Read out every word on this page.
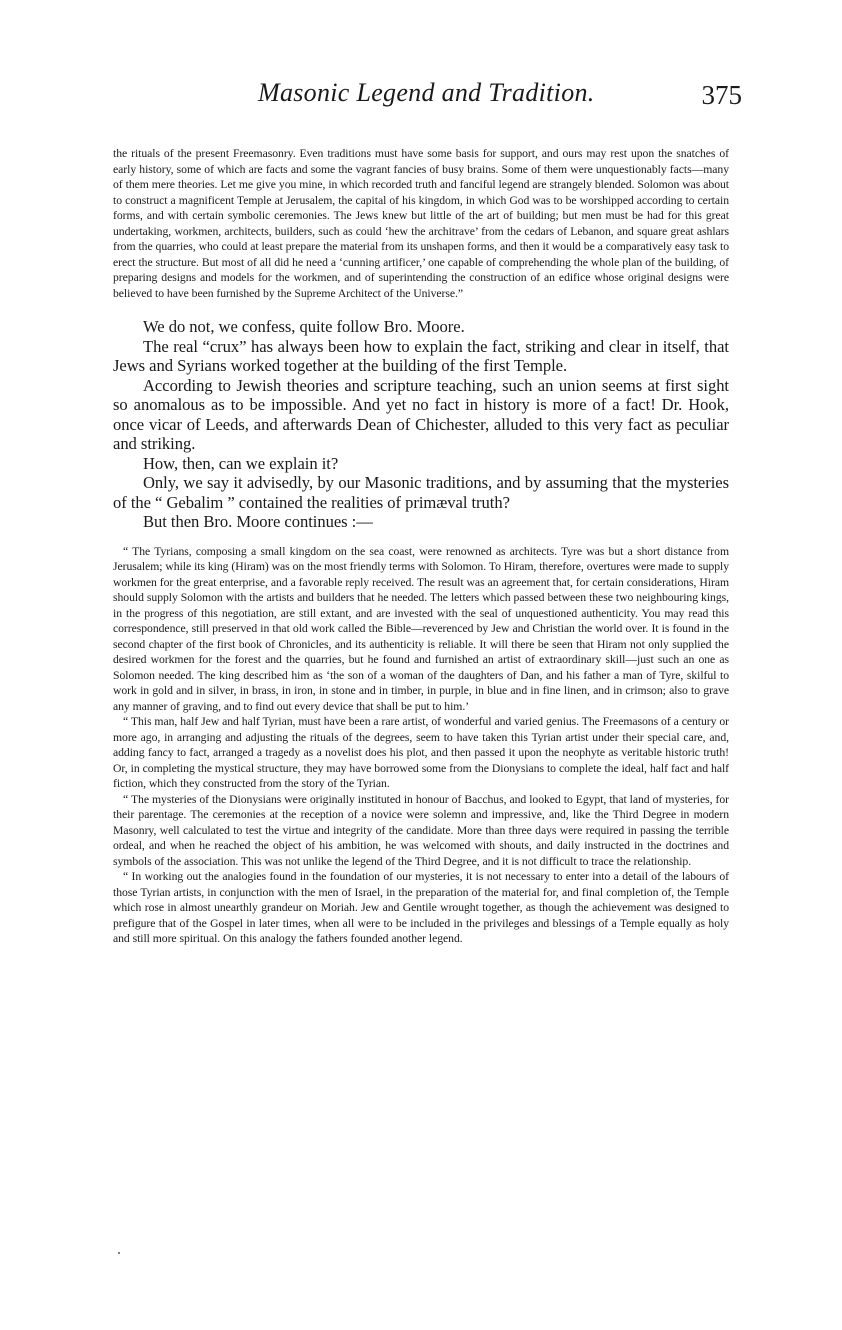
Masonic Legend and Tradition.	375

the rituals of the present Freemasonry. Even traditions must have some basis for support, and ours may rest upon the snatches of early history, some of which are facts and some the vagrant fancies of busy brains. Some of them were unquestionably facts—many of them mere theories. Let me give you mine, in which recorded truth and fanciful legend are strangely blended. Solomon was about to construct a magnificent Temple at Jerusalem, the capital of his kingdom, in which God was to be worshipped according to certain forms, and with certain symbolic ceremonies. The Jews knew but little of the art of building; but men must be had for this great undertaking, workmen, architects, builders, such as could ‘hew the architrave’ from the cedars of Lebanon, and square great ashlars from the quarries, who could at least prepare the material from its unshapen forms, and then it would be a comparatively easy task to erect the structure. But most of all did he need a ‘cunning artificer,’ one capable of comprehending the whole plan of the building, of preparing designs and models for the workmen, and of superintending the construction of an edifice whose original designs were believed to have been furnished by the Supreme Architect of the Universe.”

We do not, we confess, quite follow Bro. Moore.

The real “crux” has always been how to explain the fact, striking and clear in itself, that Jews and Syrians worked together at the building of the first Temple.

According to Jewish theories and scripture teaching, such an union seems at first sight so anomalous as to be impossible. And yet no fact in history is more of a fact! Dr. Hook, once vicar of Leeds, and afterwards Dean of Chichester, alluded to this very fact as peculiar and striking.

How, then, can we explain it?

Only, we say it advisedly, by our Masonic traditions, and by assuming that the mysteries of the “ Gebalim ” contained the realities of primæval truth?

But then Bro. Moore continues :—

“ The Tyrians, composing a small kingdom on the sea coast, were renowned as architects. Tyre was but a short distance from Jerusalem; while its king (Hiram) was on the most friendly terms with Solomon. To Hiram, therefore, overtures were made to supply workmen for the great enterprise, and a favorable reply received. The result was an agreement that, for certain considerations, Hiram should supply Solomon with the artists and builders that he needed. The letters which passed between these two neighbouring kings, in the progress of this negotiation, are still extant, and are invested with the seal of unquestioned authenticity. You may read this correspondence, still preserved in that old work called the Bible—reverenced by Jew and Christian the world over. It is found in the second chapter of the first book of Chronicles, and its authenticity is reliable. It will there be seen that Hiram not only supplied the desired workmen for the forest and the quarries, but he found and furnished an artist of extraordinary skill—just such an one as Solomon needed. The king described him as ‘the son of a woman of the daughters of Dan, and his father a man of Tyre, skilful to work in gold and in silver, in brass, in iron, in stone and in timber, in purple, in blue and in fine linen, and in crimson; also to grave any manner of graving, and to find out every device that shall be put to him.’

“ This man, half Jew and half Tyrian, must have been a rare artist, of wonderful and varied genius. The Freemasons of a century or more ago, in arranging and adjusting the rituals of the degrees, seem to have taken this Tyrian artist under their special care, and, adding fancy to fact, arranged a tragedy as a novelist does his plot, and then passed it upon the neophyte as veritable historic truth! Or, in completing the mystical structure, they may have borrowed some from the Dionysians to complete the ideal, half fact and half fiction, which they constructed from the story of the Tyrian.

“ The mysteries of the Dionysians were originally instituted in honour of Bacchus, and looked to Egypt, that land of mysteries, for their parentage. The ceremonies at the reception of a novice were solemn and impressive, and, like the Third Degree in modern Masonry, well calculated to test the virtue and integrity of the candidate. More than three days were required in passing the terrible ordeal, and when he reached the object of his ambition, he was welcomed with shouts, and daily instructed in the doctrines and symbols of the association. This was not unlike the legend of the Third Degree, and it is not difficult to trace the relationship.

“ In working out the analogies found in the foundation of our mysteries, it is not necessary to enter into a detail of the labours of those Tyrian artists, in conjunction with the men of Israel, in the preparation of the material for, and final completion of, the Temple which rose in almost unearthly grandeur on Moriah. Jew and Gentile wrought together, as though the achievement was designed to prefigure that of the Gospel in later times, when all were to be included in the privileges and blessings of a Temple equally as holy and still more spiritual. On this analogy the fathers founded another legend.
